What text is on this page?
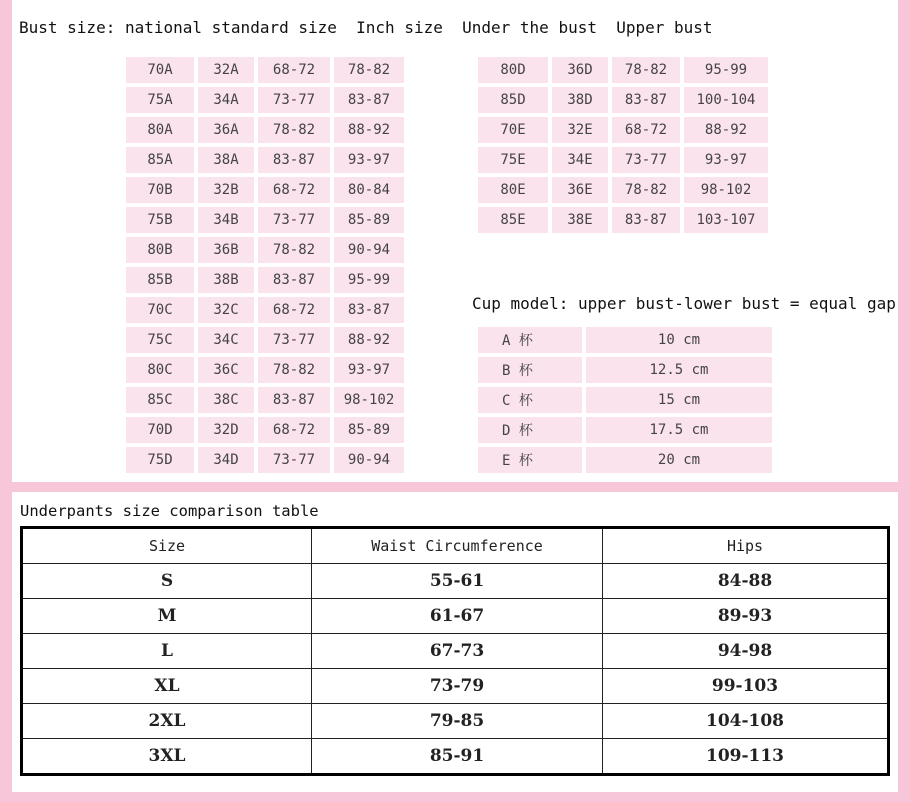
Bust size: national standard size  Inch size  Under the bust  Upper bust
70A	32A	68-72	78-82
75A	34A	73-77	83-87
80A	36A	78-82	88-92
85A	38A	83-87	93-97
70B	32B	68-72	80-84
75B	34B	73-77	85-89
80B	36B	78-82	90-94
85B	38B	83-87	95-99
70C	32C	68-72	83-87
75C	34C	73-77	88-92
80C	36C	78-82	93-97
85C	38C	83-87	98-102
70D	32D	68-72	85-89
75D	34D	73-77	90-94
80D	36D	78-82	95-99
85D	38D	83-87	100-104
70E	32E	68-72	88-92
75E	34E	73-77	93-97
80E	36E	78-82	98-102
85E	38E	83-87	103-107
Cup model: upper bust-lower bust = equal gap
A 杯	10 cm
B 杯	12.5 cm
C 杯	15 cm
D 杯	17.5 cm
E 杯	20 cm
Underpants size comparison table
Size	Waist Circumference	Hips
S	55-61	84-88
M	61-67	89-93
L	67-73	94-98
XL	73-79	99-103
2XL	79-85	104-108
3XL	85-91	109-113
